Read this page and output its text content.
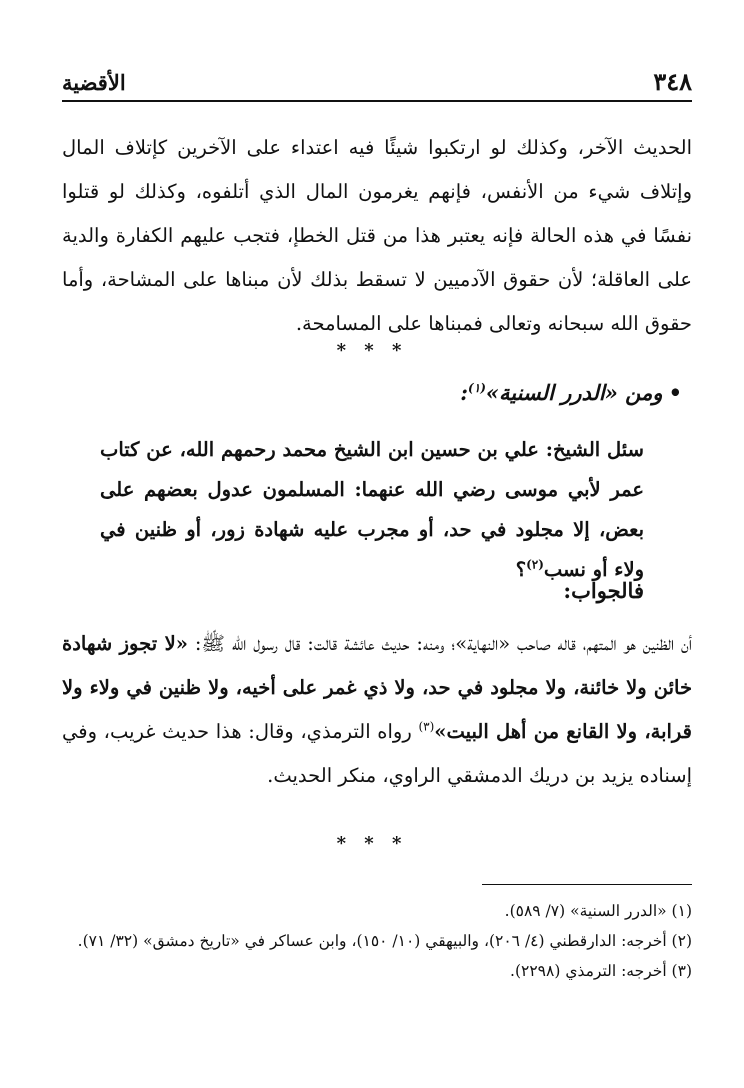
٣٤٨
الأقضية

الحديث الآخر، وكذلك لو ارتكبوا شيئًا فيه اعتداء على الآخرين كإتلاف المال وإتلاف شيء من الأنفس، فإنهم يغرمون المال الذي أتلفوه، وكذلك لو قتلوا نفسًا في هذه الحالة فإنه يعتبر هذا من قتل الخطإ، فتجب عليهم الكفارة والدية على العاقلة؛ لأن حقوق الآدميين لا تسقط بذلك لأن مبناها على المشاحة، وأما حقوق الله سبحانه وتعالى فمبناها على المسامحة.

* * *
•ومن «الدرر السنية»$^{(١)}$:

سئل الشيخ: علي بن حسين ابن الشيخ محمد رحمهم الله، عن كتاب عمر لأبي موسى رضي الله عنهما: المسلمون عدول بعضهم على بعض، إلا مجلود في حد، أو مجرب عليه شهادة زور، أو ظنين في ولاء أو نسب$^{(٢)}$؟

فالجواب:

أن الظنين هو المتهم، قاله صاحب «النهاية»؛ ومنه: حديث عائشة قالت: قال رسول الله ﷺ: «لا تجوز شهادة خائن ولا خائنة، ولا مجلود في حد، ولا ذي غمر على أخيه، ولا ظنين في ولاء ولا قرابة، ولا القانع من أهل البيت»$^{(٣)}$ رواه الترمذي، وقال: هذا حديث غريب، وفي إسناده يزيد بن دريك الدمشقي الراوي، منكر الحديث.

* * *

(١) «الدرر السنية» (٧/ ٥٨٩).

(٢) أخرجه: الدارقطني (٤/ ٢٠٦)، والبيهقي (١٠/ ١٥٠)، وابن عساكر في «تاريخ دمشق» (٣٢/ ٧١).

(٣) أخرجه: الترمذي (٢٢٩٨).
